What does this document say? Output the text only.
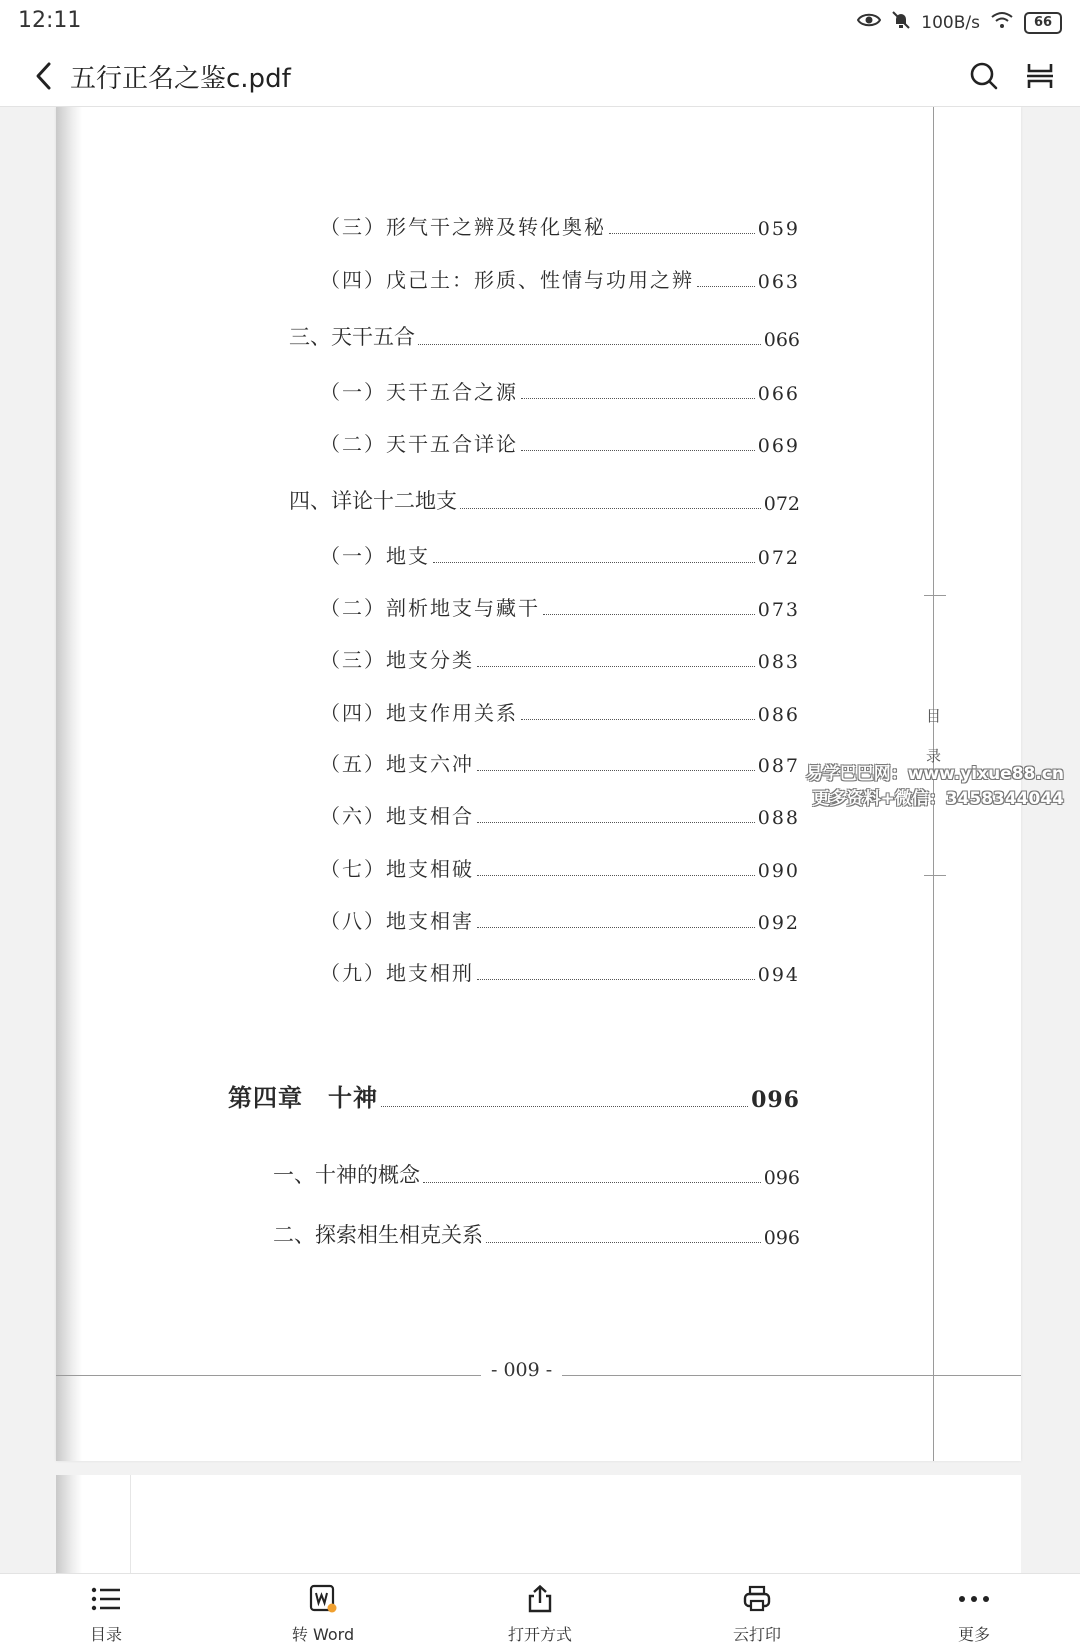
12:11	100B/s	66
五行正名之鉴c.pdf
（三）形气干之辨及转化奥秘	059
（四）戊己土：形质、性情与功用之辨	063
三、天干五合	066
（一）天干五合之源	066
（二）天干五合详论	069
四、详论十二地支	072
（一）地支	072
（二）剖析地支与藏干	073
（三）地支分类	083
（四）地支作用关系	086
（五）地支六冲	087
（六）地支相合	088
（七）地支相破	090
（八）地支相害	092
（九）地支相刑	094
第四章　十神	096
一、十神的概念	096
二、探索相生相克关系	096
- 009 -
目
录
易学巴巴网：www.yixue88.cn
更多资料+微信：3458344044
目录	转 Word	打开方式	云打印	更多
